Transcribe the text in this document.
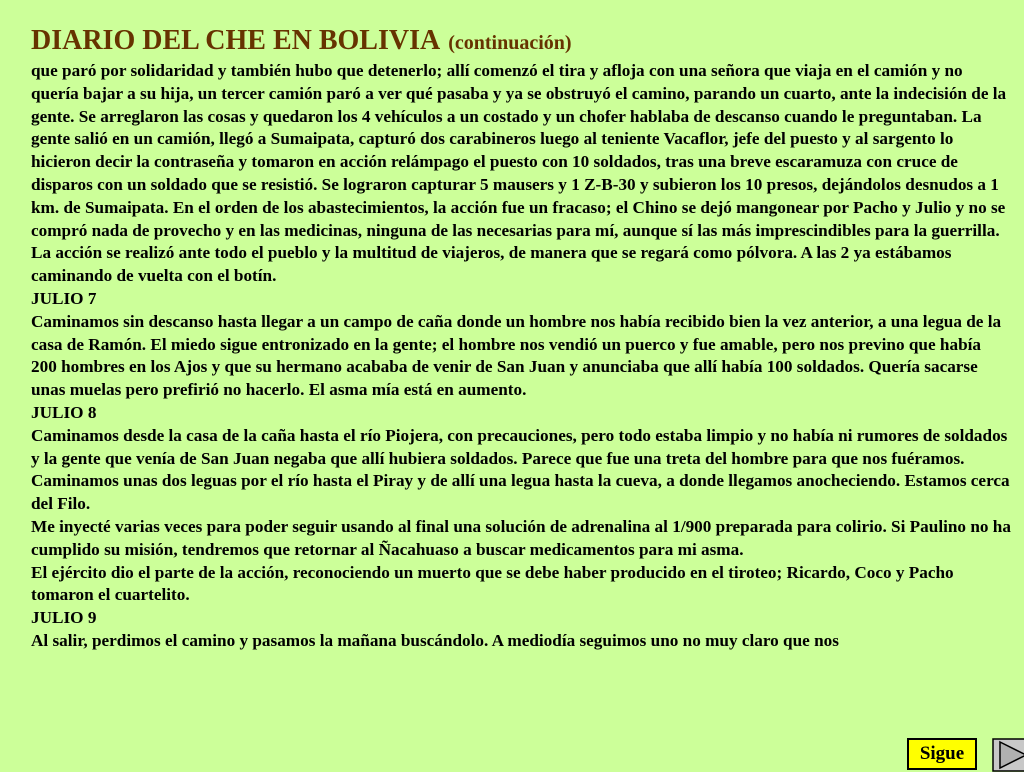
DIARIO DEL CHE EN BOLIVIA (continuación)

que paró por solidaridad y también hubo que detenerlo; allí comenzó el tira y afloja con una señora que viaja en el camión y no quería bajar a su hija, un tercer camión paró a ver qué pasaba y ya se obstruyó el camino, parando un cuarto, ante la indecisión de la gente. Se arreglaron las cosas y quedaron los 4 vehículos a un costado y un chofer hablaba de descanso cuando le preguntaban. La gente salió en un camión, llegó a Sumaipata, capturó dos carabineros luego al teniente Vacaflor, jefe del puesto y al sargento lo hicieron decir la contraseña y tomaron en acción relámpago el puesto con 10 soldados, tras una breve escaramuza con cruce de disparos con un soldado que se resistió. Se lograron capturar 5 mausers y 1 Z-B-30 y subieron los 10 presos, dejándolos desnudos a 1 km. de Sumaipata. En el orden de los abastecimientos, la acción fue un fracaso; el Chino se dejó mangonear por Pacho y Julio y no se compró nada de provecho y en las medicinas, ninguna de las necesarias para mí, aunque sí las más imprescindibles para la guerrilla. La acción se realizó ante todo el pueblo y la multitud de viajeros, de manera que se regará como pólvora. A las 2 ya estábamos caminando de vuelta con el botín.

JULIO 7

Caminamos sin descanso hasta llegar a un campo de caña donde un hombre nos había recibido bien la vez anterior, a una legua de la casa de Ramón. El miedo sigue entronizado en la gente; el hombre nos vendió un puerco y fue amable, pero nos previno que había 200 hombres en los Ajos y que su hermano acababa de venir de San Juan y anunciaba que allí había 100 soldados. Quería sacarse unas muelas pero prefirió no hacerlo. El asma mía está en aumento.

JULIO 8

Caminamos desde la casa de la caña hasta el río Piojera, con precauciones, pero todo estaba limpio y no había ni rumores de soldados y la gente que venía de San Juan negaba que allí hubiera soldados. Parece que fue una treta del hombre para que nos fuéramos. Caminamos unas dos leguas por el río hasta el Piray y de allí una legua hasta la cueva, a donde llegamos anocheciendo. Estamos cerca del Filo.

Me inyecté varias veces para poder seguir usando al final una solución de adrenalina al 1/900 preparada para colirio. Si Paulino no ha cumplido su misión, tendremos que retornar al Ñacahuaso a buscar medicamentos para mi asma.

El ejército dio el parte de la acción, reconociendo un muerto que se debe haber producido en el tiroteo; Ricardo, Coco y Pacho tomaron el cuartelito.

JULIO 9

Al salir, perdimos el camino y pasamos la mañana buscándolo. A mediodía seguimos uno no muy claro que nos

Sigue
